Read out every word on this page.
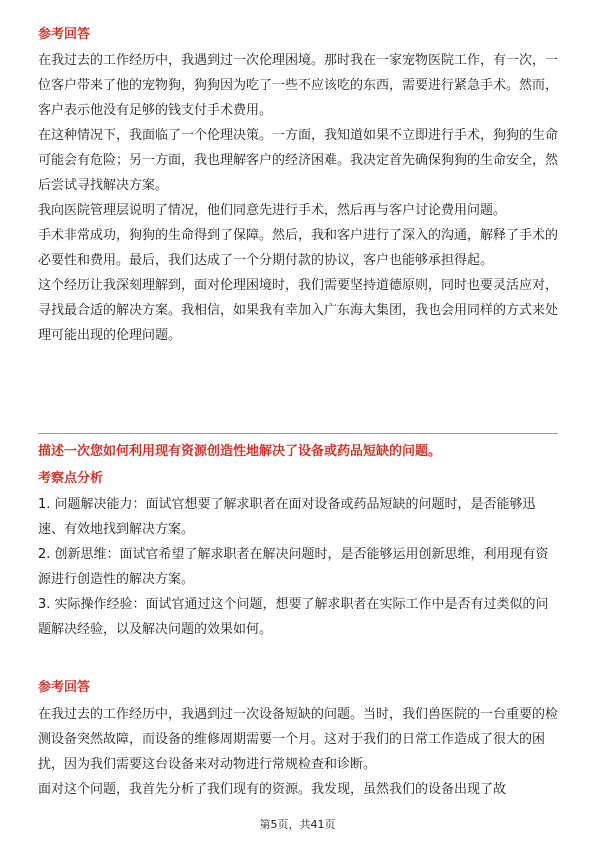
参考回答

在我过去的工作经历中，我遇到过一次伦理困境。那时我在一家宠物医院工作，有一次，一位客户带来了他的宠物狗，狗狗因为吃了一些不应该吃的东西，需要进行紧急手术。然而，客户表示他没有足够的钱支付手术费用。

在这种情况下，我面临了一个伦理决策。一方面，我知道如果不立即进行手术，狗狗的生命可能会有危险；另一方面，我也理解客户的经济困难。我决定首先确保狗狗的生命安全，然后尝试寻找解决方案。

我向医院管理层说明了情况，他们同意先进行手术，然后再与客户讨论费用问题。

手术非常成功，狗狗的生命得到了保障。然后，我和客户进行了深入的沟通，解释了手术的必要性和费用。最后，我们达成了一个分期付款的协议，客户也能够承担得起。

这个经历让我深刻理解到，面对伦理困境时，我们需要坚持道德原则，同时也要灵活应对，寻找最合适的解决方案。我相信，如果我有幸加入广东海大集团，我也会用同样的方式来处理可能出现的伦理问题。

描述一次您如何利用现有资源创造性地解决了设备或药品短缺的问题。

考察点分析

1. 问题解决能力：面试官想要了解求职者在面对设备或药品短缺的问题时，是否能够迅速、有效地找到解决方案。

2. 创新思维：面试官希望了解求职者在解决问题时，是否能够运用创新思维，利用现有资源进行创造性的解决方案。

3. 实际操作经验：面试官通过这个问题，想要了解求职者在实际工作中是否有过类似的问题解决经验，以及解决问题的效果如何。

参考回答

在我过去的工作经历中，我遇到过一次设备短缺的问题。当时，我们兽医院的一台重要的检测设备突然故障，而设备的维修周期需要一个月。这对于我们的日常工作造成了很大的困扰，因为我们需要这台设备来对动物进行常规检查和诊断。

面对这个问题，我首先分析了我们现有的资源。我发现，虽然我们的设备出现了故

第5页，共41页
